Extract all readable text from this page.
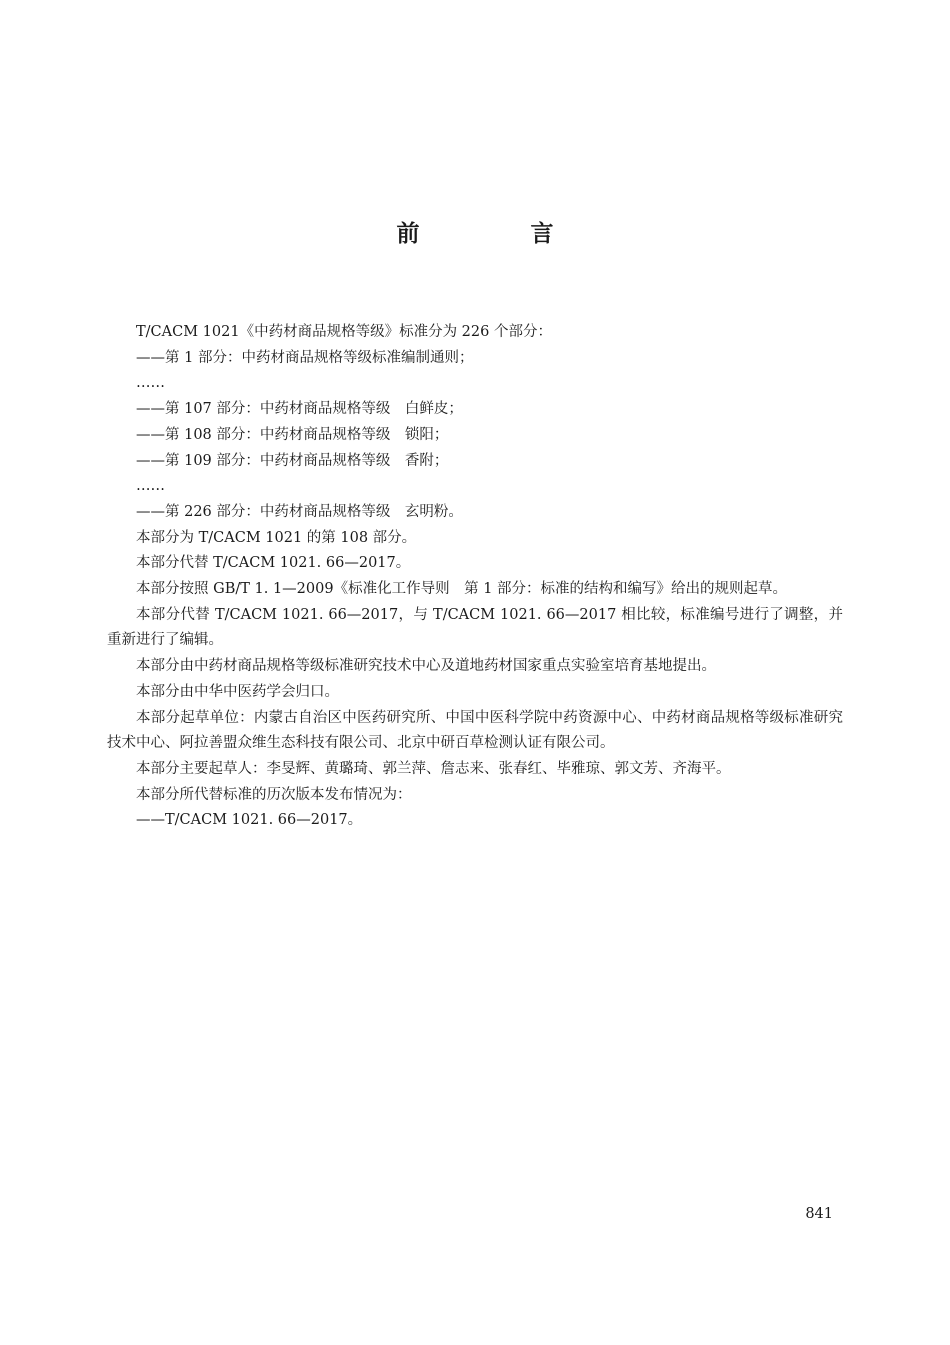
前　言

T/CACM 1021《中药材商品规格等级》标准分为 226 个部分：

——第 1 部分：中药材商品规格等级标准编制通则；

……

——第 107 部分：中药材商品规格等级　白鲜皮；

——第 108 部分：中药材商品规格等级　锁阳；

——第 109 部分：中药材商品规格等级　香附；

……

——第 226 部分：中药材商品规格等级　玄明粉。

本部分为 T/CACM 1021 的第 108 部分。

本部分代替 T/CACM 1021. 66—2017。

本部分按照 GB/T 1. 1—2009《标准化工作导则　第 1 部分：标准的结构和编写》给出的规则起草。

本部分代替 T/CACM 1021. 66—2017，与 T/CACM 1021. 66—2017 相比较，标准编号进行了调整，并重新进行了编辑。

本部分由中药材商品规格等级标准研究技术中心及道地药材国家重点实验室培育基地提出。

本部分由中华中医药学会归口。

本部分起草单位：内蒙古自治区中医药研究所、中国中医科学院中药资源中心、中药材商品规格等级标准研究技术中心、阿拉善盟众维生态科技有限公司、北京中研百草检测认证有限公司。

本部分主要起草人：李旻辉、黄璐琦、郭兰萍、詹志来、张春红、毕雅琼、郭文芳、齐海平。

本部分所代替标准的历次版本发布情况为：

——T/CACM 1021. 66—2017。

841
